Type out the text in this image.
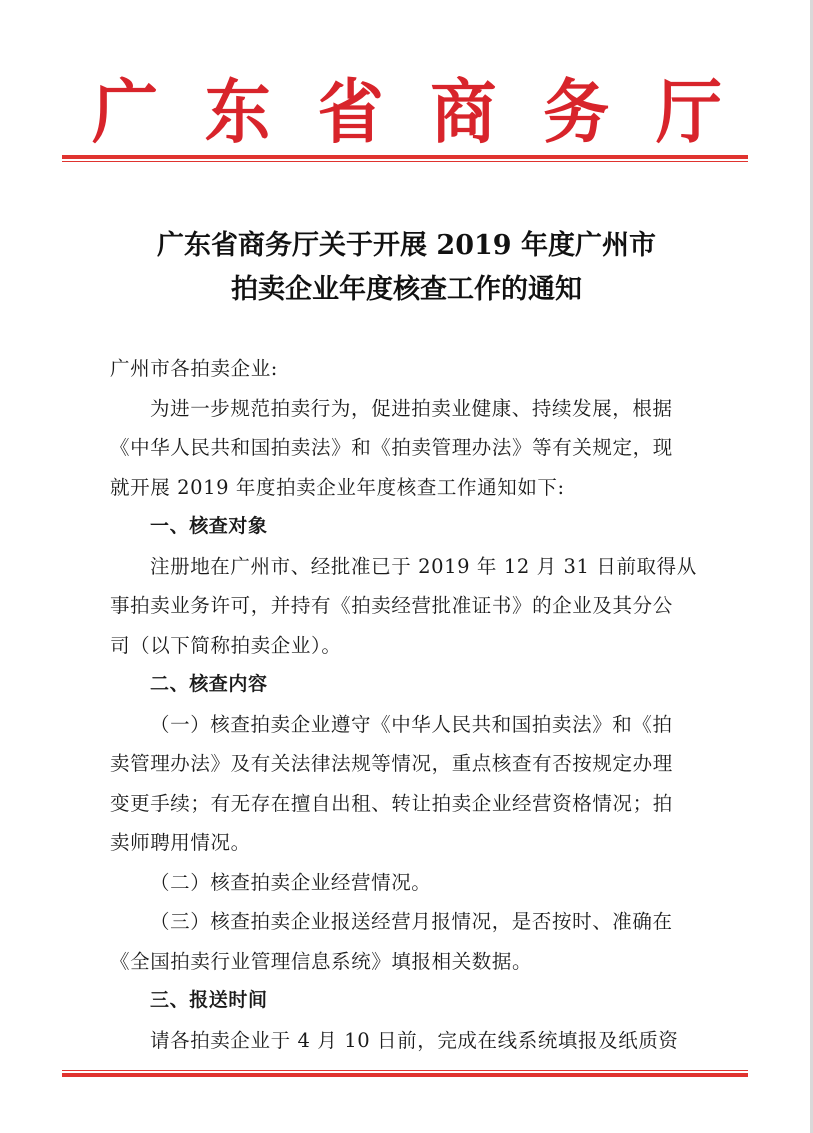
广 东 省 商 务 厅
广东省商务厅关于开展 2019 年度广州市
拍卖企业年度核查工作的通知

广州市各拍卖企业:

为进一步规范拍卖行为，促进拍卖业健康、持续发展，根据

《中华人民共和国拍卖法》和《拍卖管理办法》等有关规定，现

就开展 2019 年度拍卖企业年度核查工作通知如下:

一、核查对象

注册地在广州市、经批准已于 2019 年 12 月 31 日前取得从

事拍卖业务许可，并持有《拍卖经营批准证书》的企业及其分公

司（以下简称拍卖企业）。

二、核查内容

（一）核查拍卖企业遵守《中华人民共和国拍卖法》和《拍

卖管理办法》及有关法律法规等情况，重点核查有否按规定办理

变更手续；有无存在擅自出租、转让拍卖企业经营资格情况；拍

卖师聘用情况。

（二）核查拍卖企业经营情况。

（三）核查拍卖企业报送经营月报情况，是否按时、准确在

《全国拍卖行业管理信息系统》填报相关数据。

三、报送时间

请各拍卖企业于 4 月 10 日前，完成在线系统填报及纸质资
